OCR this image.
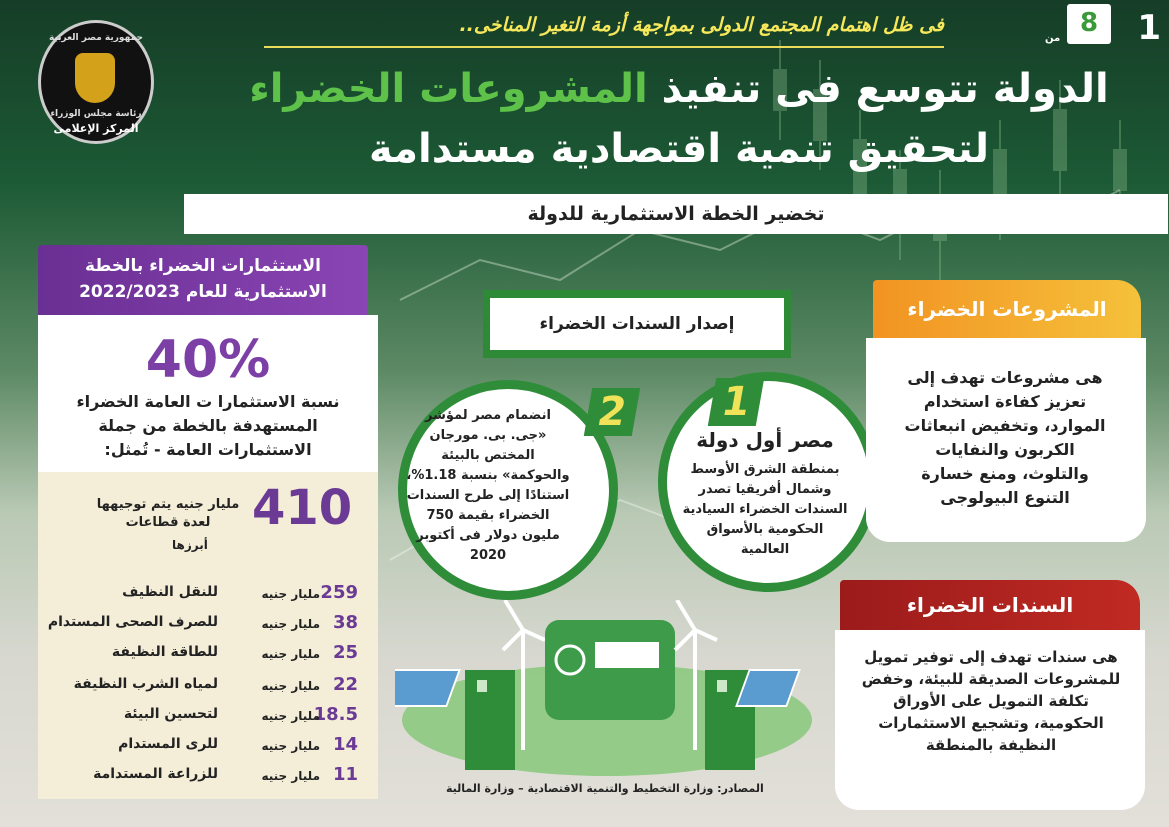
1
8
من
فى ظل اهتمام المجتمع الدولى بمواجهة أزمة التغير المناخى..
الدولة تتوسع فى تنفيذ المشروعات الخضراء
لتحقيق تنمية اقتصادية مستدامة
جمهورية مصر العربية
رئاسة مجلس الوزراء
المركز الإعلامى
تخضير الخطة الاستثمارية للدولة
الاستثمارات الخضراء بالخطة
الاستثمارية للعام 2022/2023
40%
نسبة الاستثمارا ت العامة الخضراء
المستهدفة بالخطة من جملة
الاستثمارات العامة - تُمثل:
410
مليار جنيه يتم توجيهها
لعدة قطاعات
أبرزها
259
مليار جنيه
للنقل النظيف
38
مليار جنيه
للصرف الصحى المستدام
25
مليار جنيه
للطاقة النظيفة
22
مليار جنيه
لمياه الشرب النظيفة
18.5
مليار جنيه
لتحسين البيئة
14
مليار جنيه
للرى المستدام
11
مليار جنيه
للزراعة المستدامة
إصدار السندات الخضراء
1
2
مصر أول دولة
بمنطقة الشرق الأوسط
وشمال أفريقيا تصدر
السندات الخضراء السيادية
الحكومية بالأسواق
العالمية
انضمام مصر لمؤشر
«جى. بى. مورجان
المختص بالبيئة
والحوكمة» بنسبة 1.18%،
استنادًا إلى طرح السندات
الخضراء بقيمة 750
مليون دولار فى أكتوبر
2020
المشروعات الخضراء
هى مشروعات تهدف إلى
تعزيز كفاءة استخدام
الموارد، وتخفيض انبعاثات
الكربون والنفايات
والتلوث، ومنع خسارة
التنوع البيولوجى
السندات الخضراء
هى سندات تهدف إلى توفير تمويل
للمشروعات الصديقة للبيئة، وخفض
تكلفة التمويل على الأوراق
الحكومية، وتشجيع الاستثمارات
النظيفة بالمنطقة
المصادر: وزارة التخطيط والتنمية الاقتصادية – وزارة المالية
